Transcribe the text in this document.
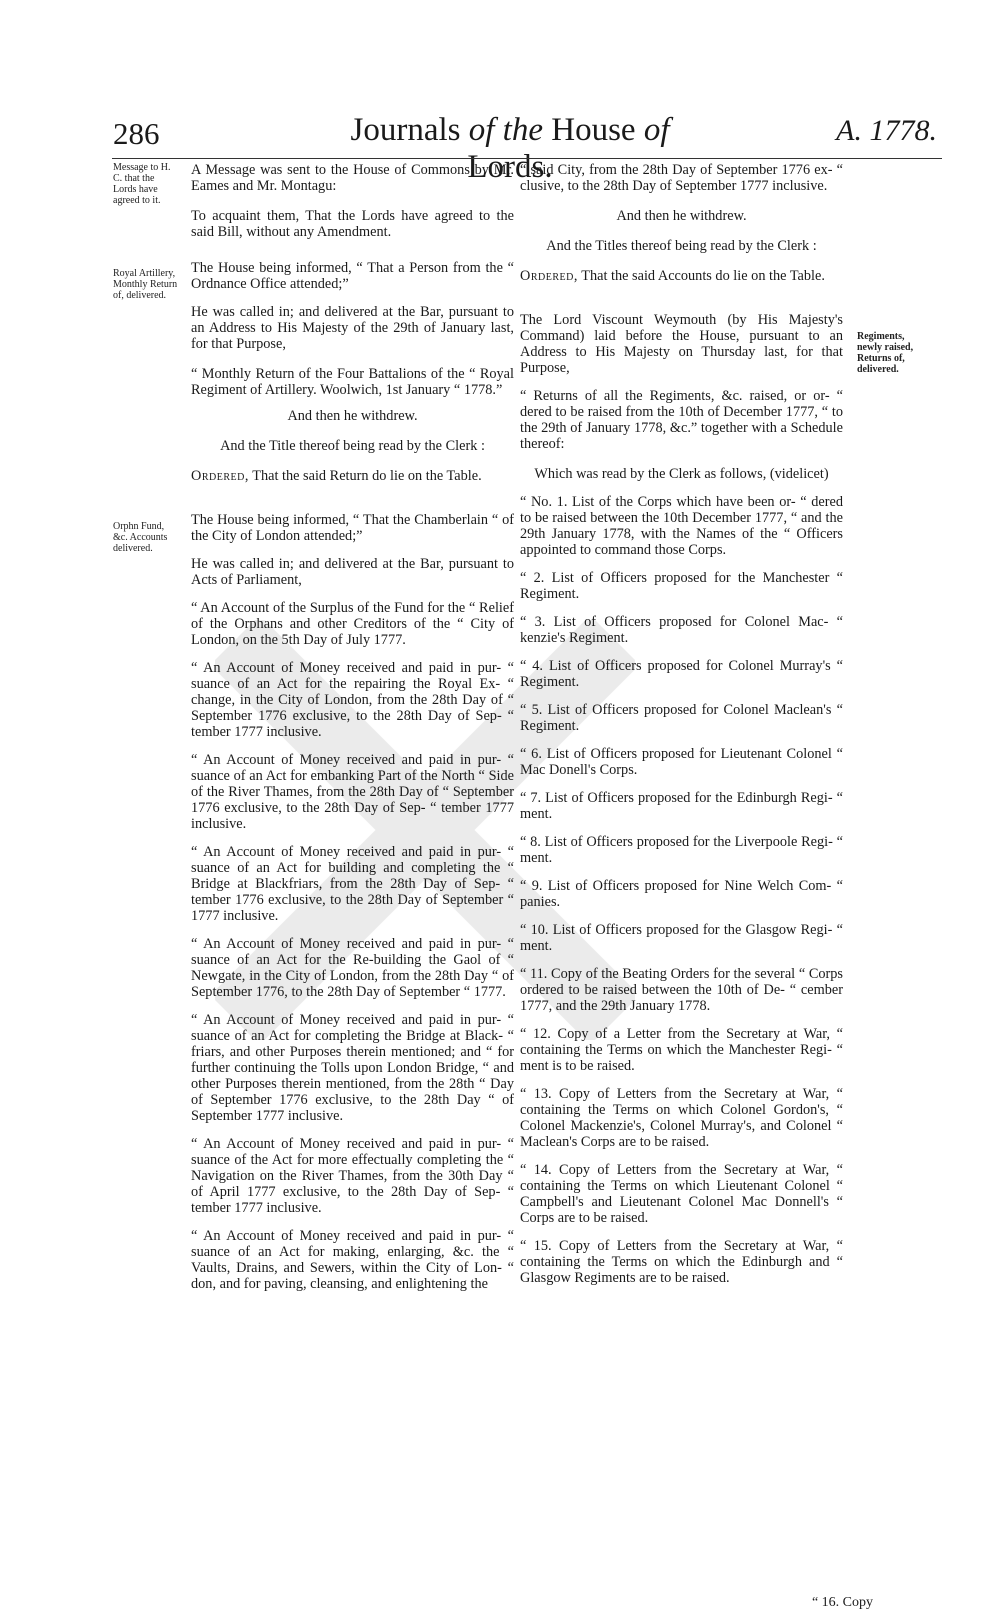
286	Journals of the House of Lords.
A. 1778.
Message to H. C. that the Lords have agreed to it.
Royal Artillery, Monthly Return of, delivered.
Orphn Fund, &c. Accounts delivered.
Regiments, newly raised, Returns of, delivered.

A Message was sent to the House of Commons by Mr. Eames and Mr. Montagu:

To acquaint them, That the Lords have agreed to the said Bill, without any Amendment.

The House being informed, “ That a Person from the “ Ordnance Office attended;”

He was called in; and delivered at the Bar, pursuant to an Address to His Majesty of the 29th of January last, for that Purpose,

“ Monthly Return of the Four Battalions of the “ Royal Regiment of Artillery. Woolwich, 1st January “ 1778.”

And then he withdrew.

And the Title thereof being read by the Clerk :

Ordered, That the said Return do lie on the Table.

The House being informed, “ That the Chamberlain “ of the City of London attended;”

He was called in; and delivered at the Bar, pursuant to Acts of Parliament,

“ An Account of the Surplus of the Fund for the “ Relief of the Orphans and other Creditors of the “ City of London, on the 5th Day of July 1777.

“ An Account of Money received and paid in pur- “ suance of an Act for the repairing the Royal Ex- “ change, in the City of London, from the 28th Day of “ September 1776 exclusive, to the 28th Day of Sep- “ tember 1777 inclusive.

“ An Account of Money received and paid in pur- “ suance of an Act for embanking Part of the North “ Side of the River Thames, from the 28th Day of “ September 1776 exclusive, to the 28th Day of Sep- “ tember 1777 inclusive.

“ An Account of Money received and paid in pur- “ suance of an Act for building and completing the “ Bridge at Blackfriars, from the 28th Day of Sep- “ tember 1776 exclusive, to the 28th Day of September “ 1777 inclusive.

“ An Account of Money received and paid in pur- “ suance of an Act for the Re-building the Gaol of “ Newgate, in the City of London, from the 28th Day “ of September 1776, to the 28th Day of September “ 1777.

“ An Account of Money received and paid in pur- “ suance of an Act for completing the Bridge at Black- “ friars, and other Purposes therein mentioned; and “ for further continuing the Tolls upon London Bridge, “ and other Purposes therein mentioned, from the 28th “ Day of September 1776 exclusive, to the 28th Day “ of September 1777 inclusive.

“ An Account of Money received and paid in pur- “ suance of the Act for more effectually completing the “ Navigation on the River Thames, from the 30th Day “ of April 1777 exclusive, to the 28th Day of Sep- “ tember 1777 inclusive.

“ An Account of Money received and paid in pur- “ suance of an Act for making, enlarging, &c. the “ Vaults, Drains, and Sewers, within the City of Lon- “ don, and for paving, cleansing, and enlightening the

“ said City, from the 28th Day of September 1776 ex- “ clusive, to the 28th Day of September 1777 inclusive.

And then he withdrew.

And the Titles thereof being read by the Clerk :

Ordered, That the said Accounts do lie on the Table.

The Lord Viscount Weymouth (by His Majesty's Command) laid before the House, pursuant to an Address to His Majesty on Thursday last, for that Purpose,

“ Returns of all the Regiments, &c. raised, or or- “ dered to be raised from the 10th of December 1777, “ to the 29th of January 1778, &c.” together with a Schedule thereof:

Which was read by the Clerk as follows, (videlicet)

“ No. 1. List of the Corps which have been or- “ dered to be raised between the 10th December 1777, “ and the 29th January 1778, with the Names of the “ Officers appointed to command those Corps.

“ 2. List of Officers proposed for the Manchester “ Regiment.

“ 3. List of Officers proposed for Colonel Mac- “ kenzie's Regiment.

“ 4. List of Officers proposed for Colonel Murray's “ Regiment.

“ 5. List of Officers proposed for Colonel Maclean's “ Regiment.

“ 6. List of Officers proposed for Lieutenant Colonel “ Mac Donell's Corps.

“ 7. List of Officers proposed for the Edinburgh Regi- “ ment.

“ 8. List of Officers proposed for the Liverpoole Regi- “ ment.

“ 9. List of Officers proposed for Nine Welch Com- “ panies.

“ 10. List of Officers proposed for the Glasgow Regi- “ ment.

“ 11. Copy of the Beating Orders for the several “ Corps ordered to be raised between the 10th of De- “ cember 1777, and the 29th January 1778.

“ 12. Copy of a Letter from the Secretary at War, “ containing the Terms on which the Manchester Regi- “ ment is to be raised.

“ 13. Copy of Letters from the Secretary at War, “ containing the Terms on which Colonel Gordon's, “ Colonel Mackenzie's, Colonel Murray's, and Colonel “ Maclean's Corps are to be raised.

“ 14. Copy of Letters from the Secretary at War, “ containing the Terms on which Lieutenant Colonel “ Campbell's and Lieutenant Colonel Mac Donnell's “ Corps are to be raised.

“ 15. Copy of Letters from the Secretary at War, “ containing the Terms on which the Edinburgh and “ Glasgow Regiments are to be raised.

“ 16. Copy
